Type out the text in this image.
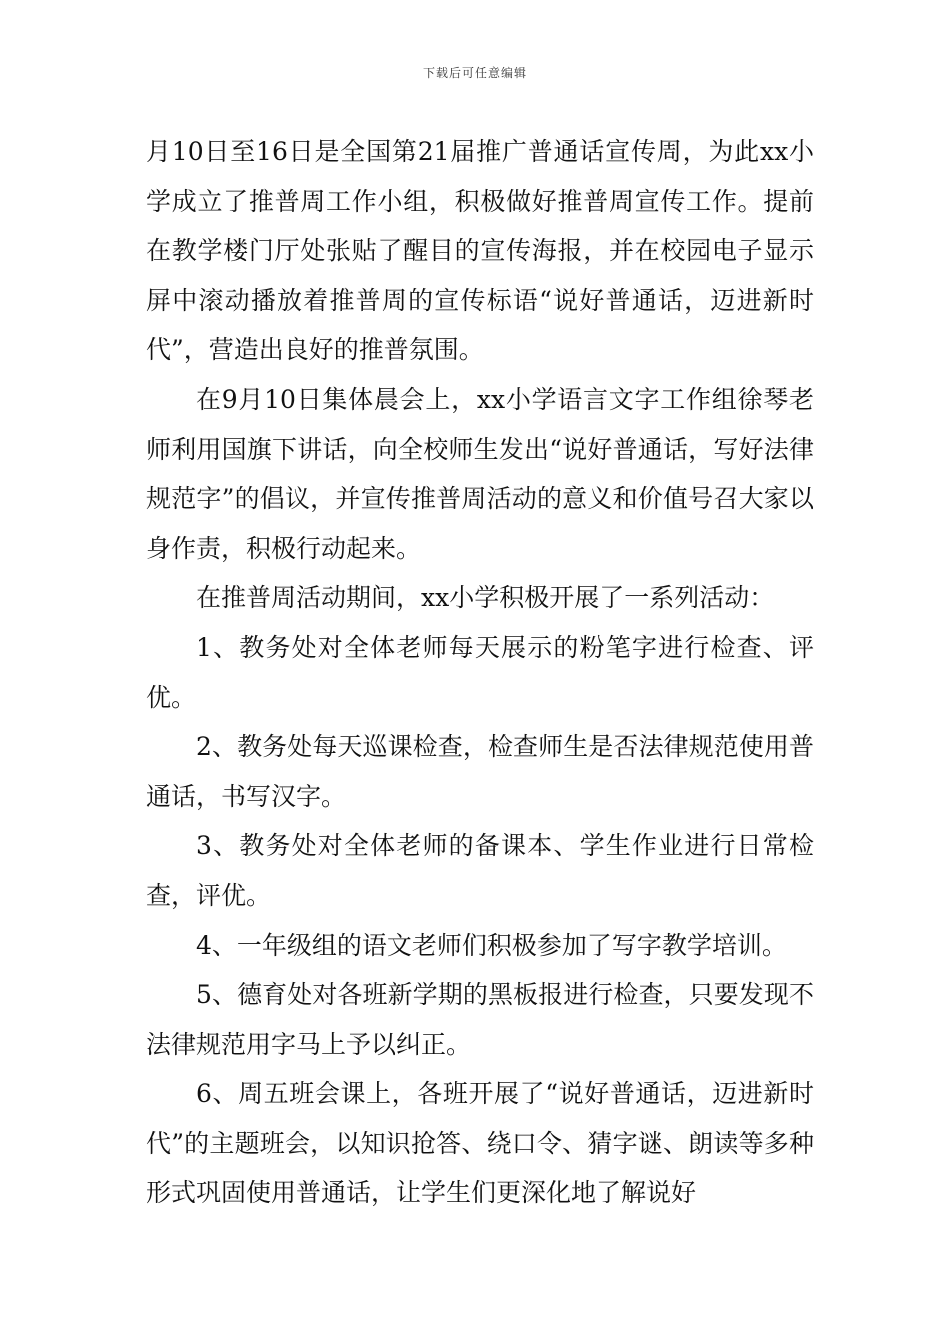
下载后可任意编辑

月10日至16日是全国第21届推广普通话宣传周，为此xx小学成立了推普周工作小组，积极做好推普周宣传工作。提前在教学楼门厅处张贴了醒目的宣传海报，并在校园电子显示屏中滚动播放着推普周的宣传标语“说好普通话，迈进新时代”，营造出良好的推普氛围。

在9月10日集体晨会上，xx小学语言文字工作组徐琴老师利用国旗下讲话，向全校师生发出“说好普通话，写好法律规范字”的倡议，并宣传推普周活动的意义和价值号召大家以身作责，积极行动起来。

在推普周活动期间，xx小学积极开展了一系列活动：

1、教务处对全体老师每天展示的粉笔字进行检查、评优。

2、教务处每天巡课检查，检查师生是否法律规范使用普通话，书写汉字。

3、教务处对全体老师的备课本、学生作业进行日常检查，评优。

4、一年级组的语文老师们积极参加了写字教学培训。

5、德育处对各班新学期的黑板报进行检查，只要发现不法律规范用字马上予以纠正。

6、周五班会课上，各班开展了“说好普通话，迈进新时代”的主题班会，以知识抢答、绕口令、猜字谜、朗读等多种形式巩固使用普通话，让学生们更深化地了解说好
